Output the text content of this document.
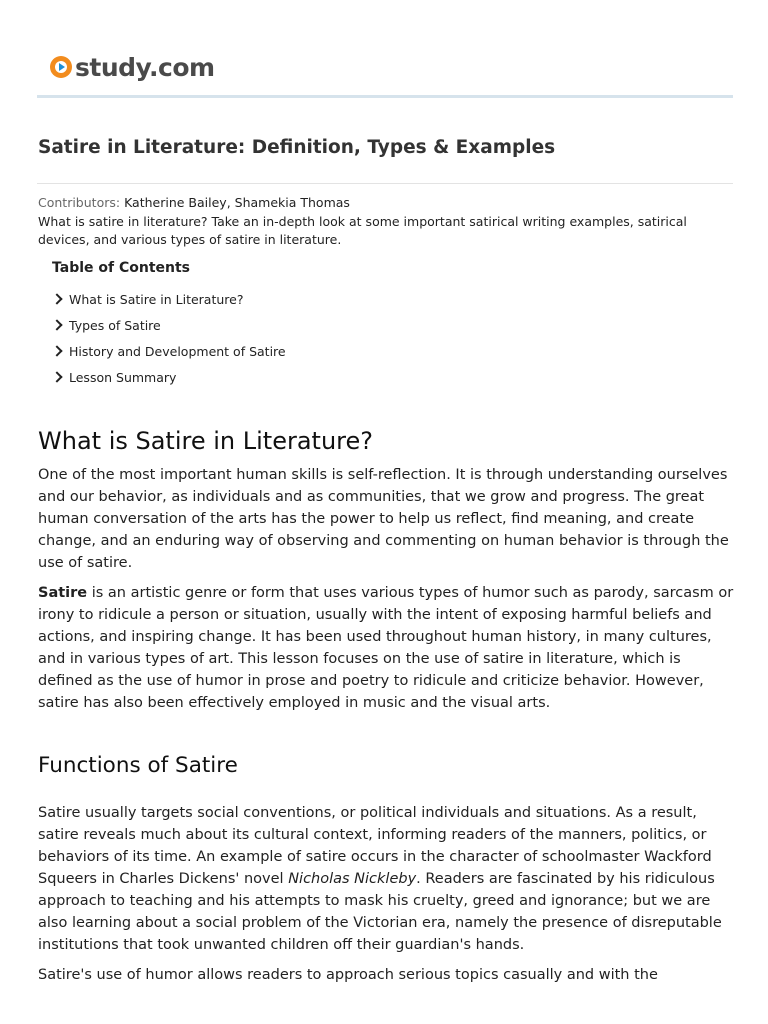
study.com
Satire in Literature: Definition, Types & Examples
Contributors: Katherine Bailey, Shamekia Thomas
What is satire in literature? Take an in-depth look at some important satirical writing examples, satirical devices, and various types of satire in literature.
Table of Contents
What is Satire in Literature?
Types of Satire
History and Development of Satire
Lesson Summary
What is Satire in Literature?

One of the most important human skills is self-reflection. It is through understanding ourselves and our behavior, as individuals and as communities, that we grow and progress. The great human conversation of the arts has the power to help us reflect, find meaning, and create change, and an enduring way of observing and commenting on human behavior is through the use of satire.

Satire is an artistic genre or form that uses various types of humor such as parody, sarcasm or irony to ridicule a person or situation, usually with the intent of exposing harmful beliefs and actions, and inspiring change. It has been used throughout human history, in many cultures, and in various types of art. This lesson focuses on the use of satire in literature, which is defined as the use of humor in prose and poetry to ridicule and criticize behavior. However, satire has also been effectively employed in music and the visual arts.

Functions of Satire

Satire usually targets social conventions, or political individuals and situations. As a result, satire reveals much about its cultural context, informing readers of the manners, politics, or behaviors of its time. An example of satire occurs in the character of schoolmaster Wackford Squeers in Charles Dickens' novel Nicholas Nickleby. Readers are fascinated by his ridiculous approach to teaching and his attempts to mask his cruelty, greed and ignorance; but we are also learning about a social problem of the Victorian era, namely the presence of disreputable institutions that took unwanted children off their guardian's hands.

Satire's use of humor allows readers to approach serious topics casually and with the
